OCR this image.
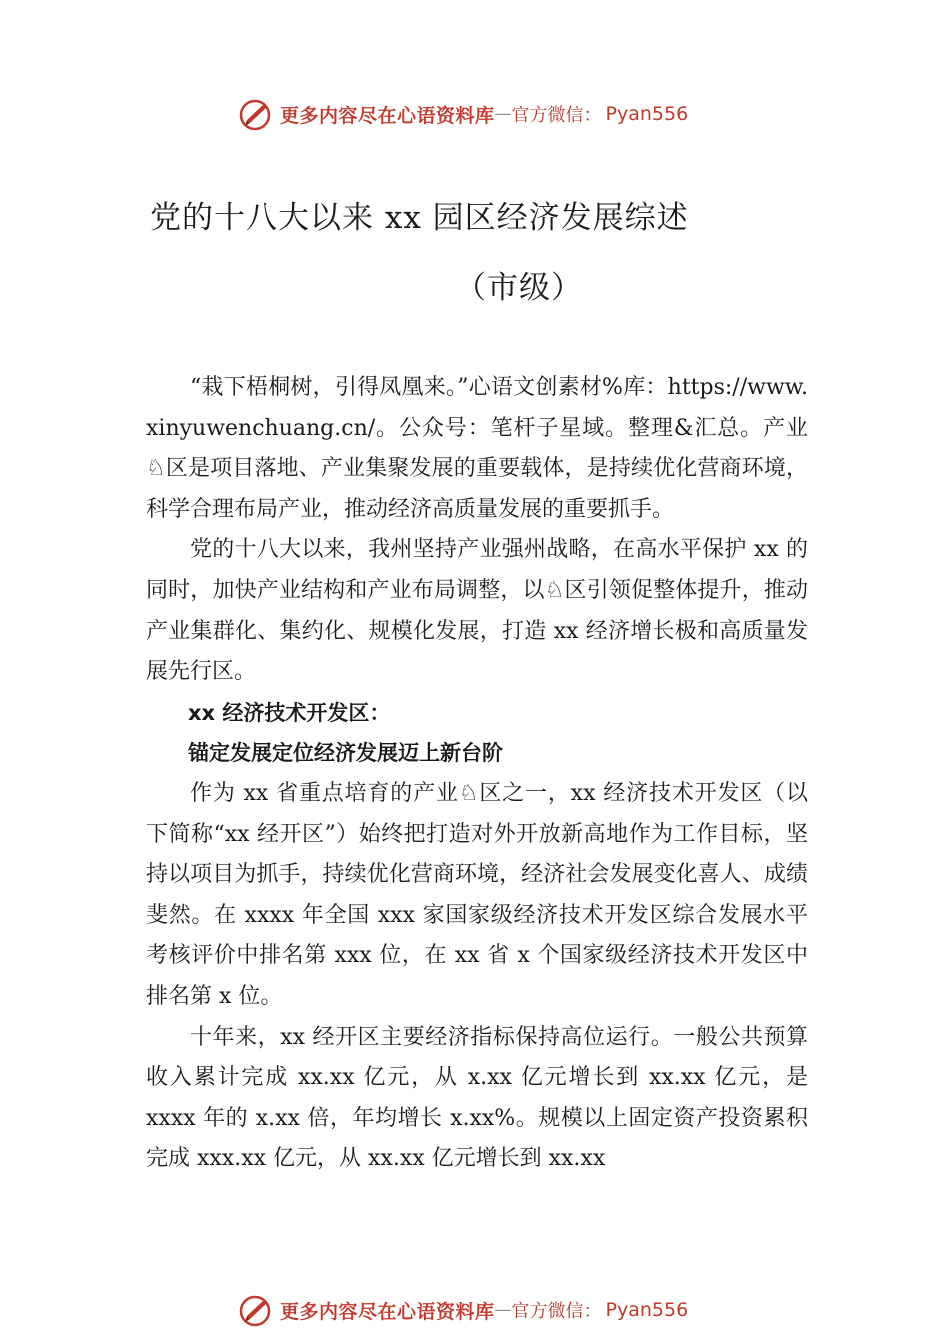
更多内容尽在心语资料库 — 官方微信： Pyan556
党的十八大以来 xx 园区经济发展综述
（市级）

“栽下梧桐树，引得凤凰来。”心语文创素材%库：https://www.xinyuwenchuang.cn/。公众号：笔杆子星域。整理&汇总。产业♘区是项目落地、产业集聚发展的重要载体，是持续优化营商环境，科学合理布局产业，推动经济高质量发展的重要抓手。

党的十八大以来，我州坚持产业强州战略，在高水平保护 xx 的同时，加快产业结构和产业布局调整，以♘区引领促整体提升，推动产业集群化、集约化、规模化发展，打造 xx 经济增长极和高质量发展先行区。

xx 经济技术开发区：

锚定发展定位经济发展迈上新台阶

作为 xx 省重点培育的产业♘区之一，xx 经济技术开发区（以下简称“xx 经开区”）始终把打造对外开放新高地作为工作目标，坚持以项目为抓手，持续优化营商环境，经济社会发展变化喜人、成绩斐然。在 xxxx 年全国 xxx 家国家级经济技术开发区综合发展水平考核评价中排名第 xxx 位，在 xx 省 x 个国家级经济技术开发区中排名第 x 位。

十年来，xx 经开区主要经济指标保持高位运行。一般公共预算收入累计完成 xx.xx 亿元，从 x.xx 亿元增长到 xx.xx 亿元，是 xxxx 年的 x.xx 倍，年均增长 x.xx%。规模以上固定资产投资累积完成 xxx.xx 亿元，从 xx.xx 亿元增长到 xx.xx

更多内容尽在心语资料库 — 官方微信： Pyan556
